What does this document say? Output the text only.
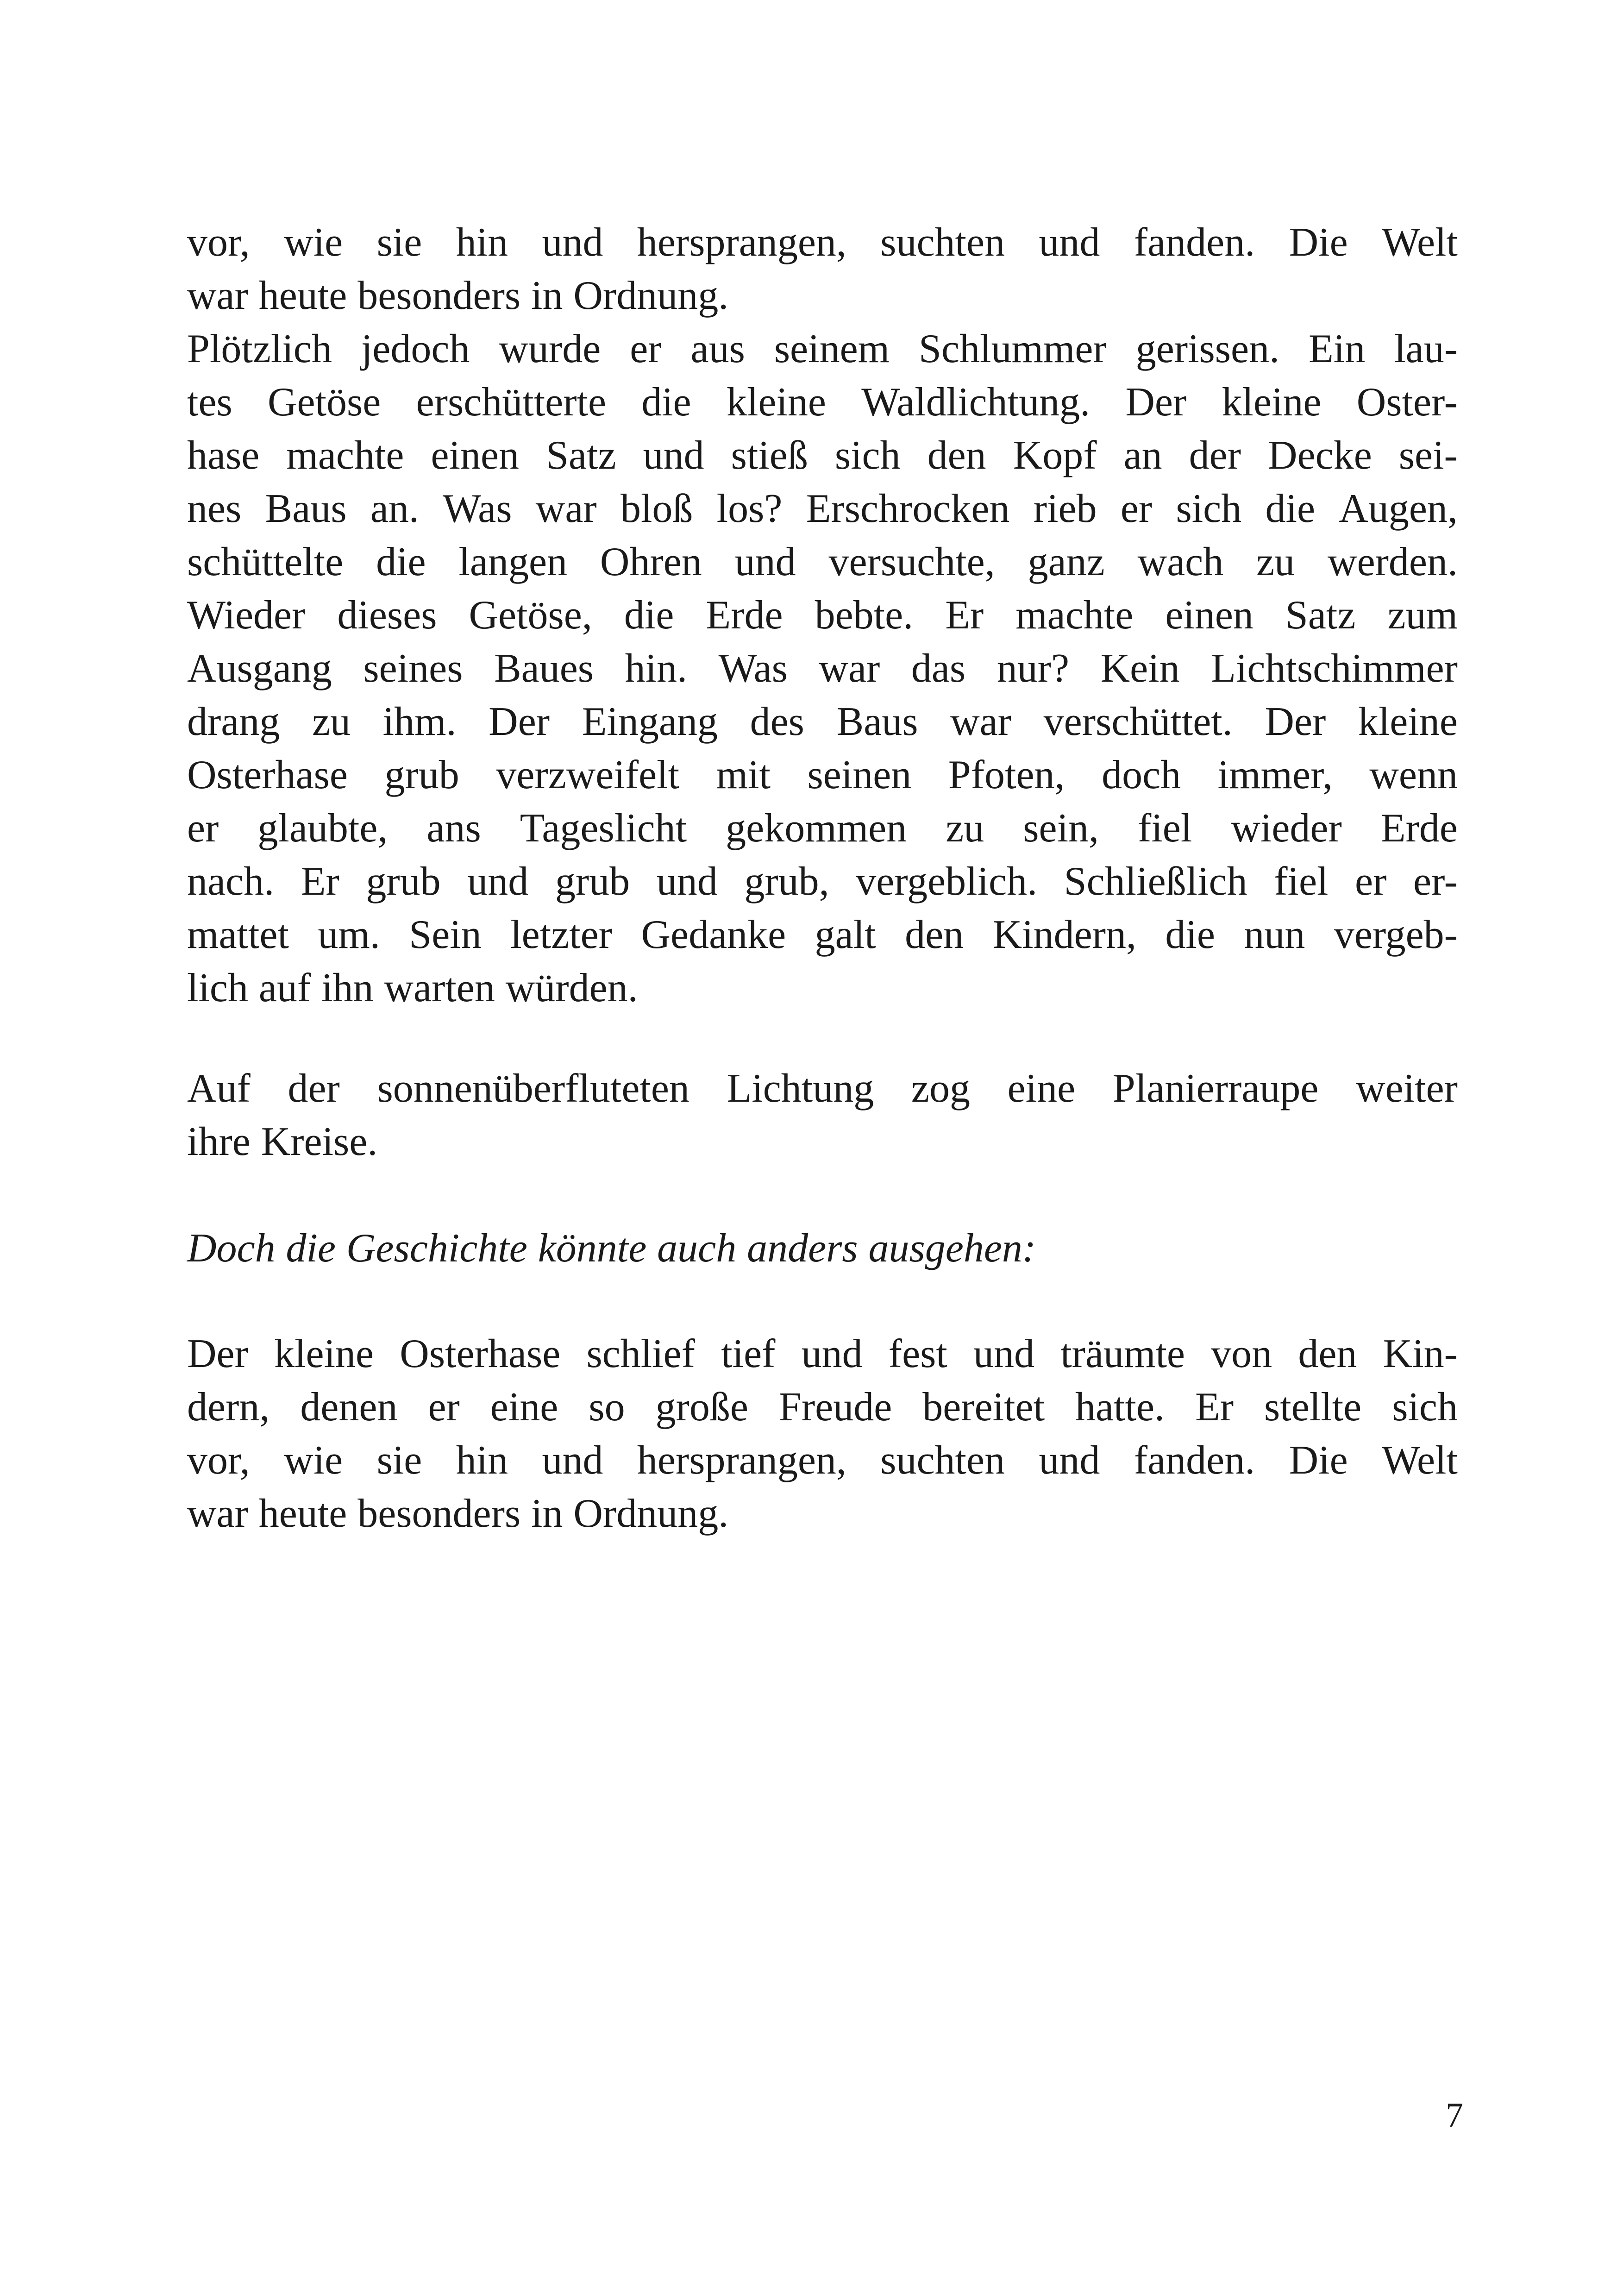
vor, wie sie hin und hersprangen, suchten und fanden. Die Welt
war heute besonders in Ordnung.
Plötzlich jedoch wurde er aus seinem Schlummer gerissen. Ein lau-
tes Getöse erschütterte die kleine Waldlichtung. Der kleine Oster-
hase machte einen Satz und stieß sich den Kopf an der Decke sei-
nes Baus an. Was war bloß los? Erschrocken rieb er sich die Augen,
schüttelte die langen Ohren und versuchte, ganz wach zu werden.
Wieder dieses Getöse, die Erde bebte. Er machte einen Satz zum
Ausgang seines Baues hin. Was war das nur? Kein Lichtschimmer
drang zu ihm. Der Eingang des Baus war verschüttet. Der kleine
Osterhase grub verzweifelt mit seinen Pfoten, doch immer, wenn
er glaubte, ans Tageslicht gekommen zu sein, fiel wieder Erde
nach. Er grub und grub und grub, vergeblich. Schließlich fiel er er-
mattet um. Sein letzter Gedanke galt den Kindern, die nun vergeb-
lich auf ihn warten würden.
Auf der sonnenüberfluteten Lichtung zog eine Planierraupe weiter
ihre Kreise.
Doch die Geschichte könnte auch anders ausgehen:
Der kleine Osterhase schlief tief und fest und träumte von den Kin-
dern, denen er eine so große Freude bereitet hatte. Er stellte sich
vor, wie sie hin und hersprangen, suchten und fanden. Die Welt
war heute besonders in Ordnung.
7
